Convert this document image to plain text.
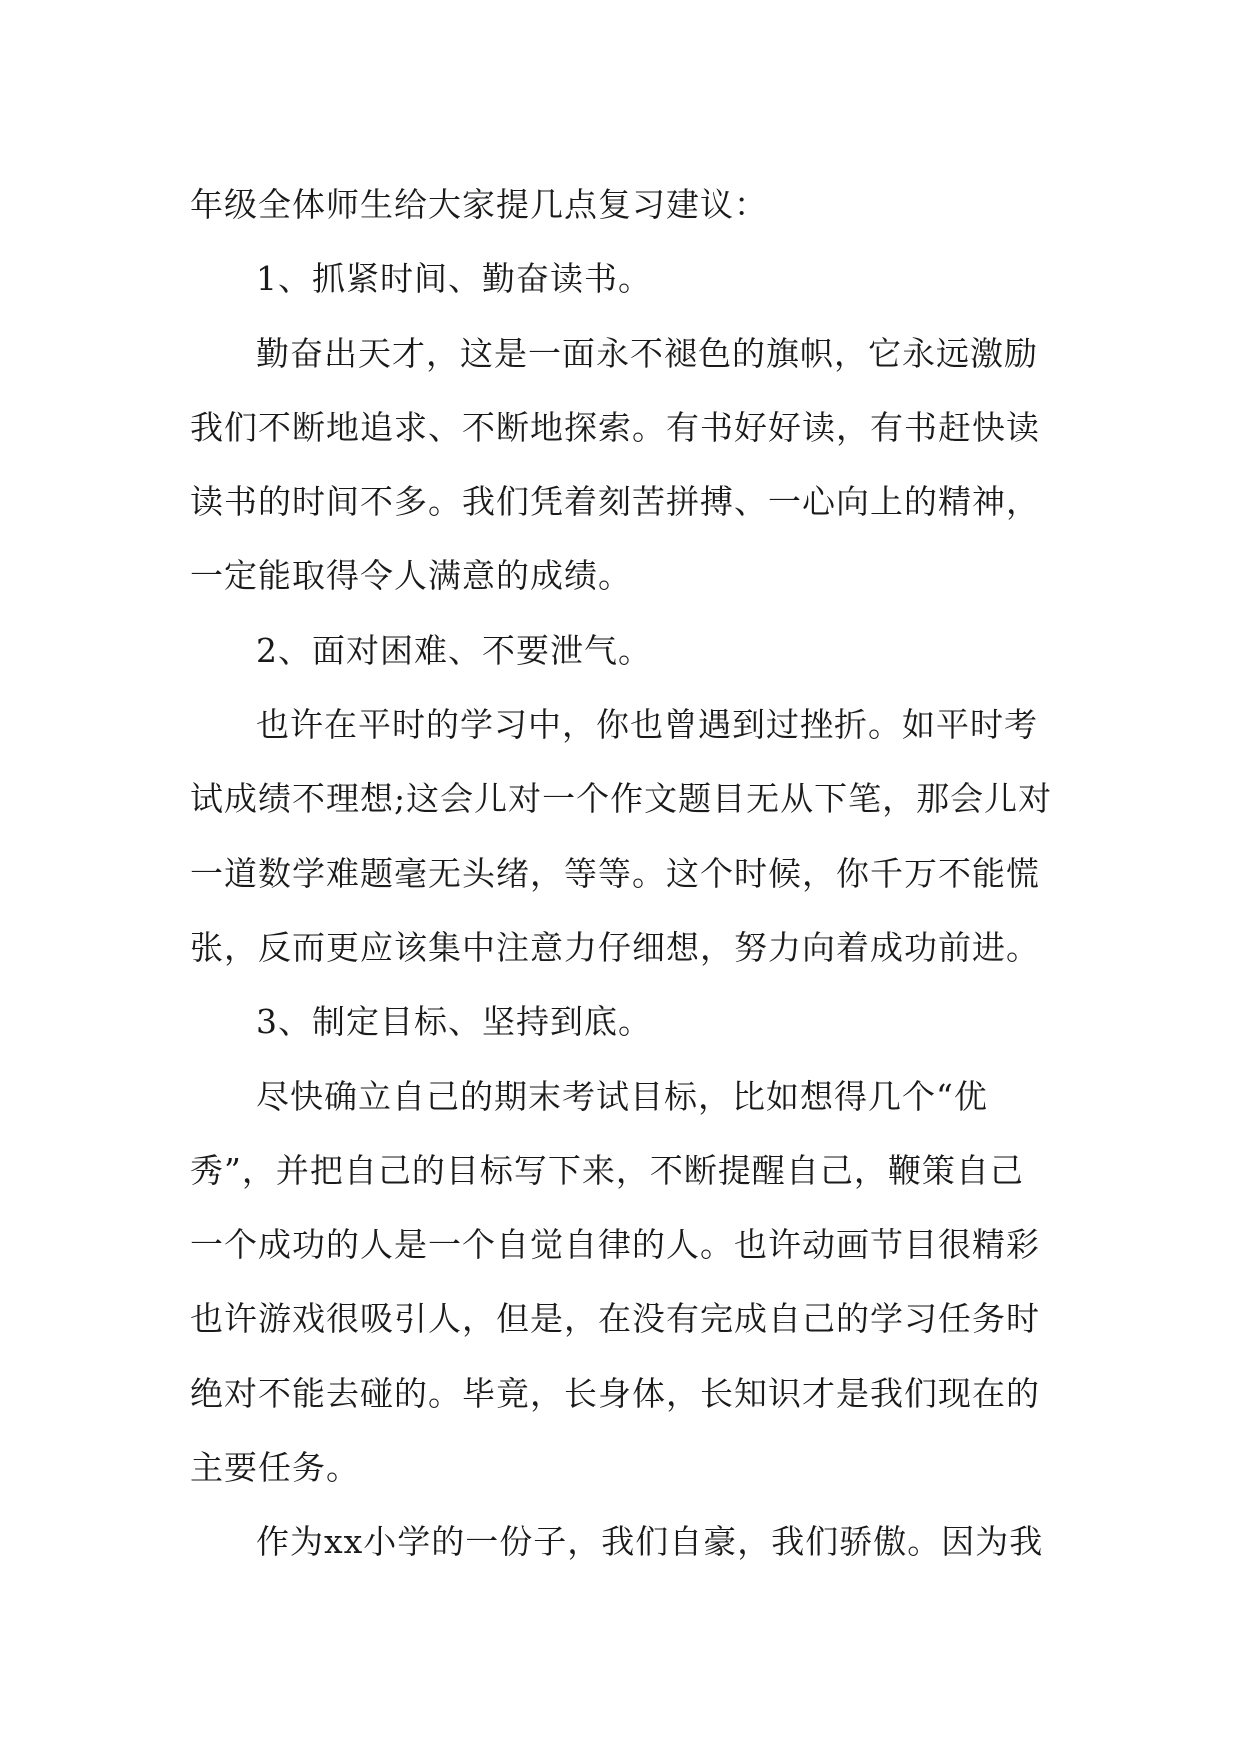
年级全体师生给大家提几点复习建议：
1、抓紧时间、勤奋读书。
勤奋出天才，这是一面永不褪色的旗帜，它永远激励
我们不断地追求、不断地探索。有书好好读，有书赶快读
读书的时间不多。我们凭着刻苦拼搏、一心向上的精神，
一定能取得令人满意的成绩。
2、面对困难、不要泄气。
也许在平时的学习中，你也曾遇到过挫折。如平时考
试成绩不理想;这会儿对一个作文题目无从下笔，那会儿对
一道数学难题毫无头绪，等等。这个时候，你千万不能慌
张，反而更应该集中注意力仔细想，努力向着成功前进。
3、制定目标、坚持到底。
尽快确立自己的期末考试目标，比如想得几个“优
秀”，并把自己的目标写下来，不断提醒自己，鞭策自己
一个成功的人是一个自觉自律的人。也许动画节目很精彩
也许游戏很吸引人，但是，在没有完成自己的学习任务时
绝对不能去碰的。毕竟，长身体，长知识才是我们现在的
主要任务。
作为xx小学的一份子，我们自豪，我们骄傲。因为我
